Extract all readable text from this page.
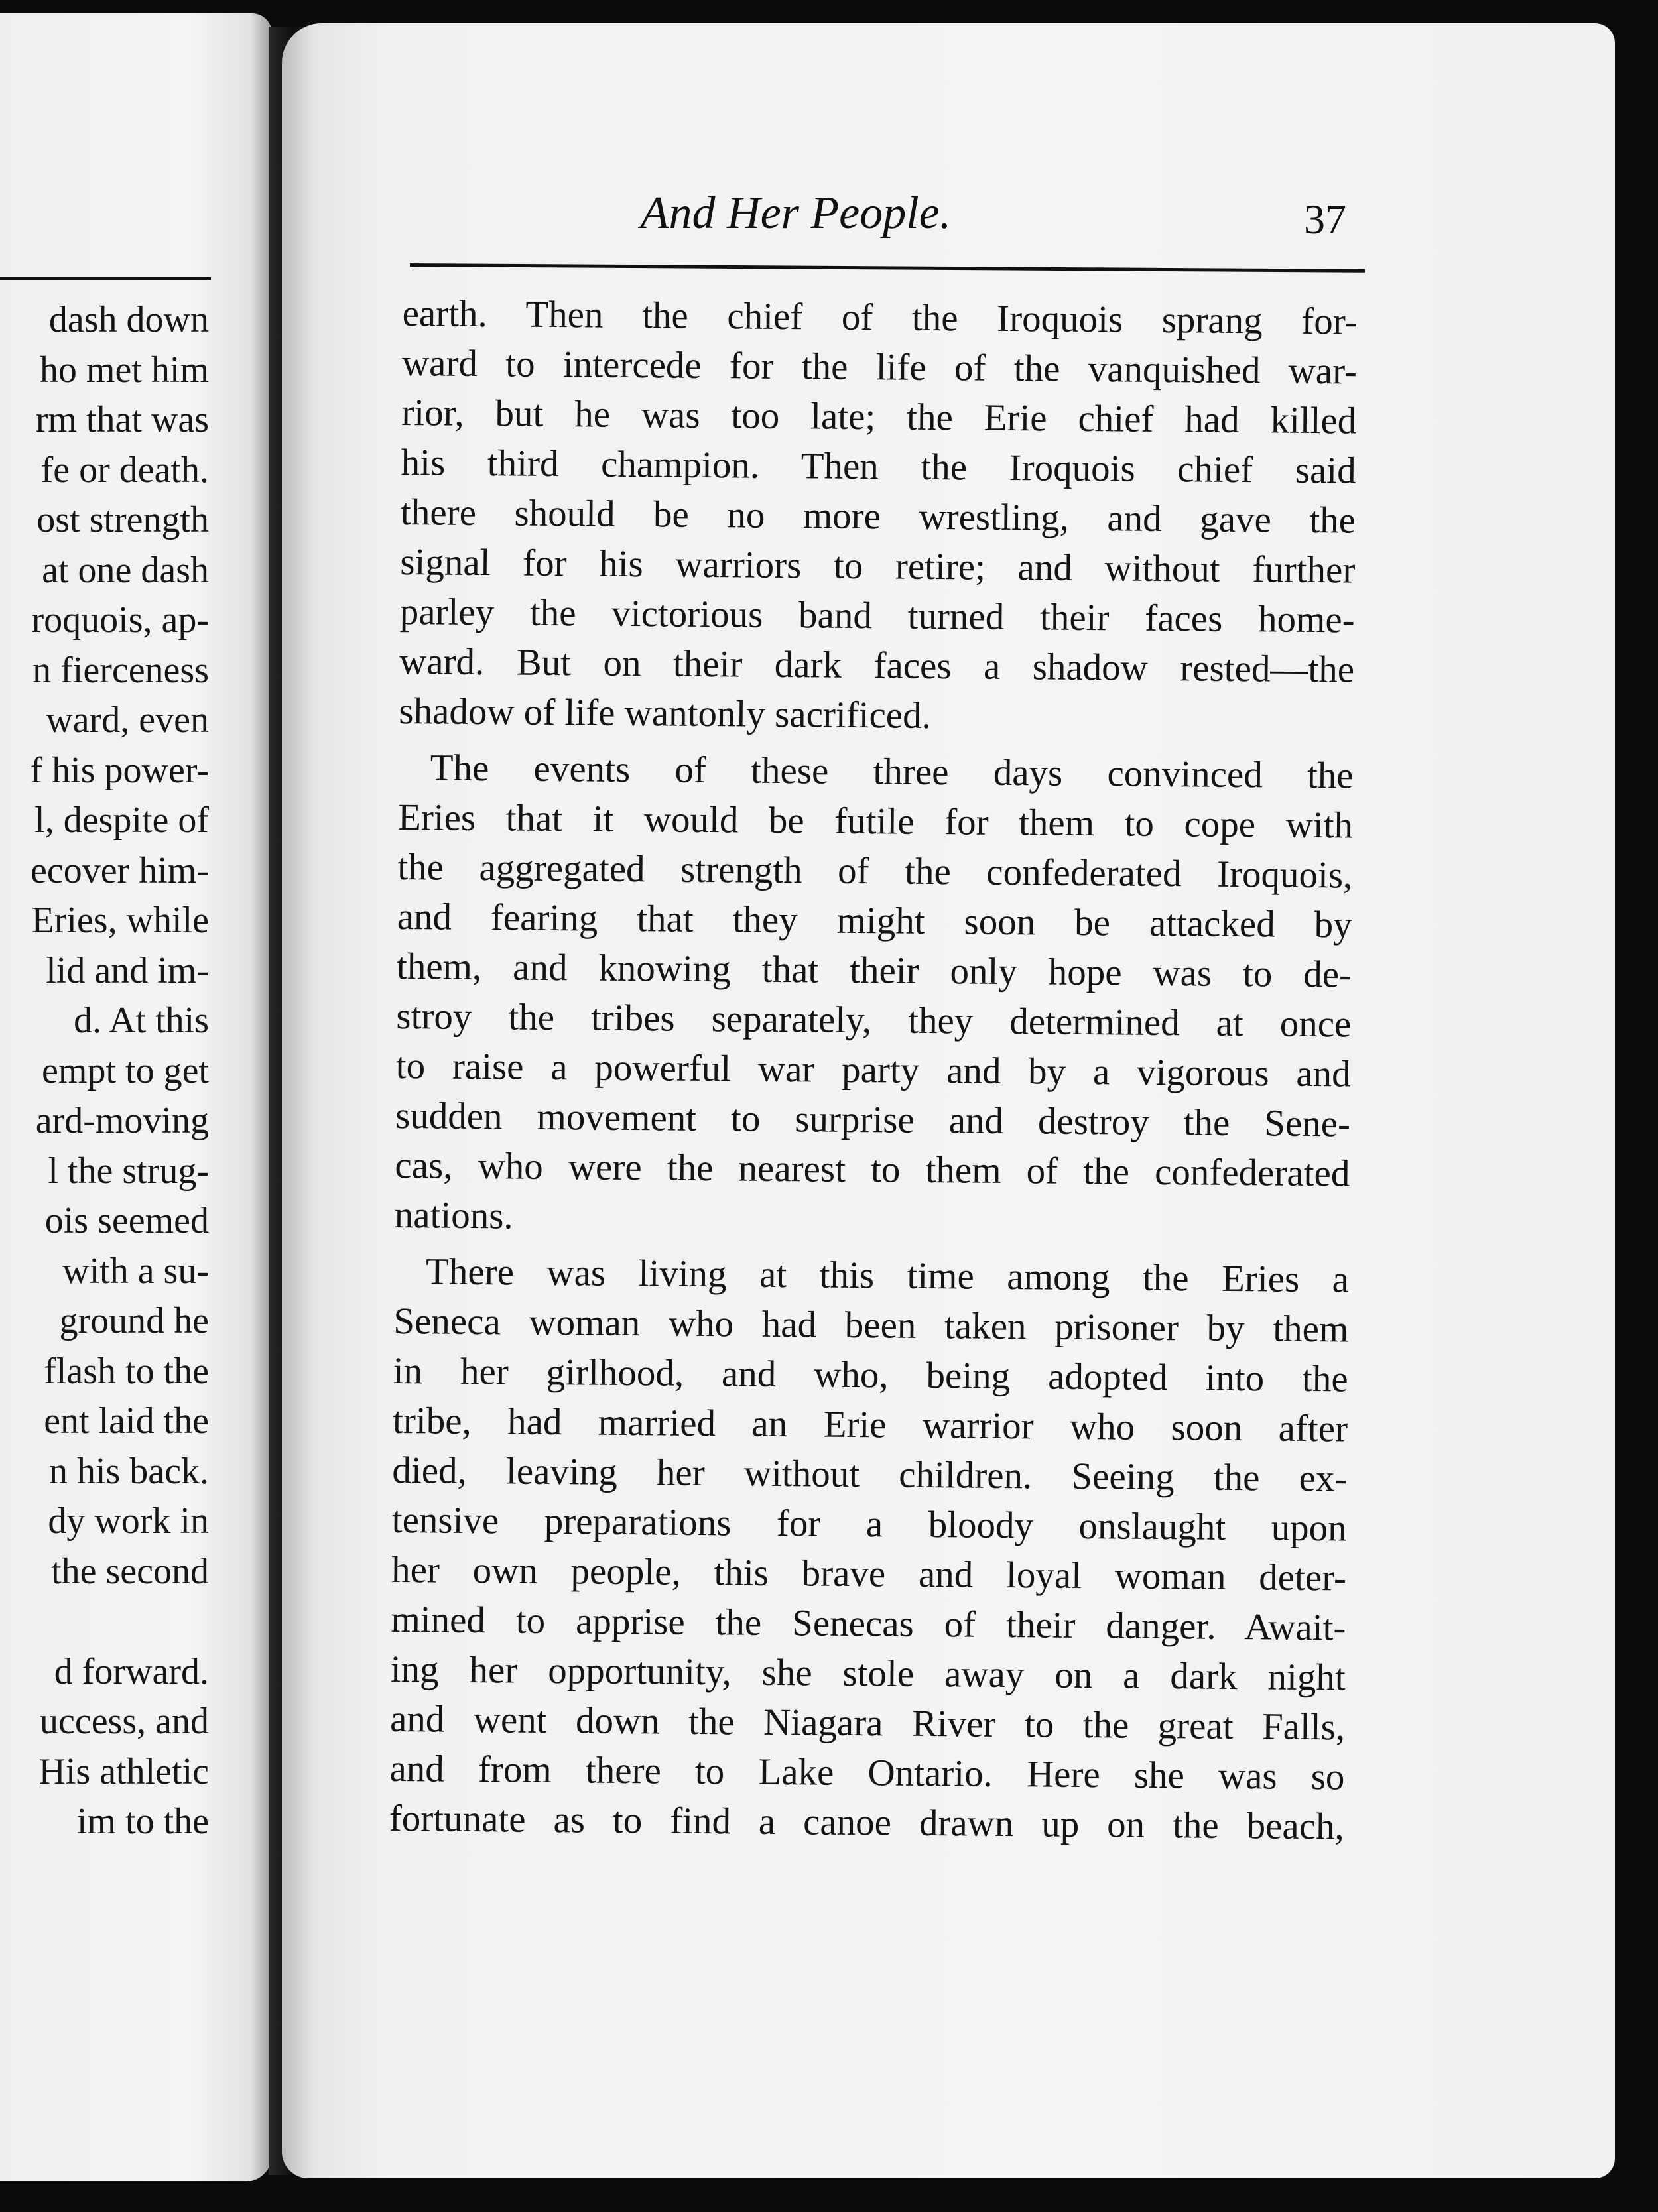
dash down
ho met him
rm that was
fe or death.
ost strength
at one dash
roquois, ap-
n fierceness
ward, even
f his power-
l, despite of
ecover him-
Eries, while
lid and im-
d. At this
empt to get
ard-moving
l the strug-
ois seemed
with a su-
ground he
flash to the
ent laid the
n his back.
dy work in
the second
d forward.
uccess, and
His athletic
im to the
And Her People.	37
earth. Then the chief of the Iroquois sprang for-
ward to intercede for the life of the vanquished war-
rior, but he was too late; the Erie chief had killed
his third champion. Then the Iroquois chief said
there should be no more wrestling, and gave the
signal for his warriors to retire; and without further
parley the victorious band turned their faces home-
ward. But on their dark faces a shadow rested—the
shadow of life wantonly sacrificed.
The events of these three days convinced the
Eries that it would be futile for them to cope with
the aggregated strength of the confederated Iroquois,
and fearing that they might soon be attacked by
them, and knowing that their only hope was to de-
stroy the tribes separately, they determined at once
to raise a powerful war party and by a vigorous and
sudden movement to surprise and destroy the Sene-
cas, who were the nearest to them of the confederated
nations.
There was living at this time among the Eries a
Seneca woman who had been taken prisoner by them
in her girlhood, and who, being adopted into the
tribe, had married an Erie warrior who soon after
died, leaving her without children. Seeing the ex-
tensive preparations for a bloody onslaught upon
her own people, this brave and loyal woman deter-
mined to apprise the Senecas of their danger. Await-
ing her opportunity, she stole away on a dark night
and went down the Niagara River to the great Falls,
and from there to Lake Ontario. Here she was so
fortunate as to find a canoe drawn up on the beach,
